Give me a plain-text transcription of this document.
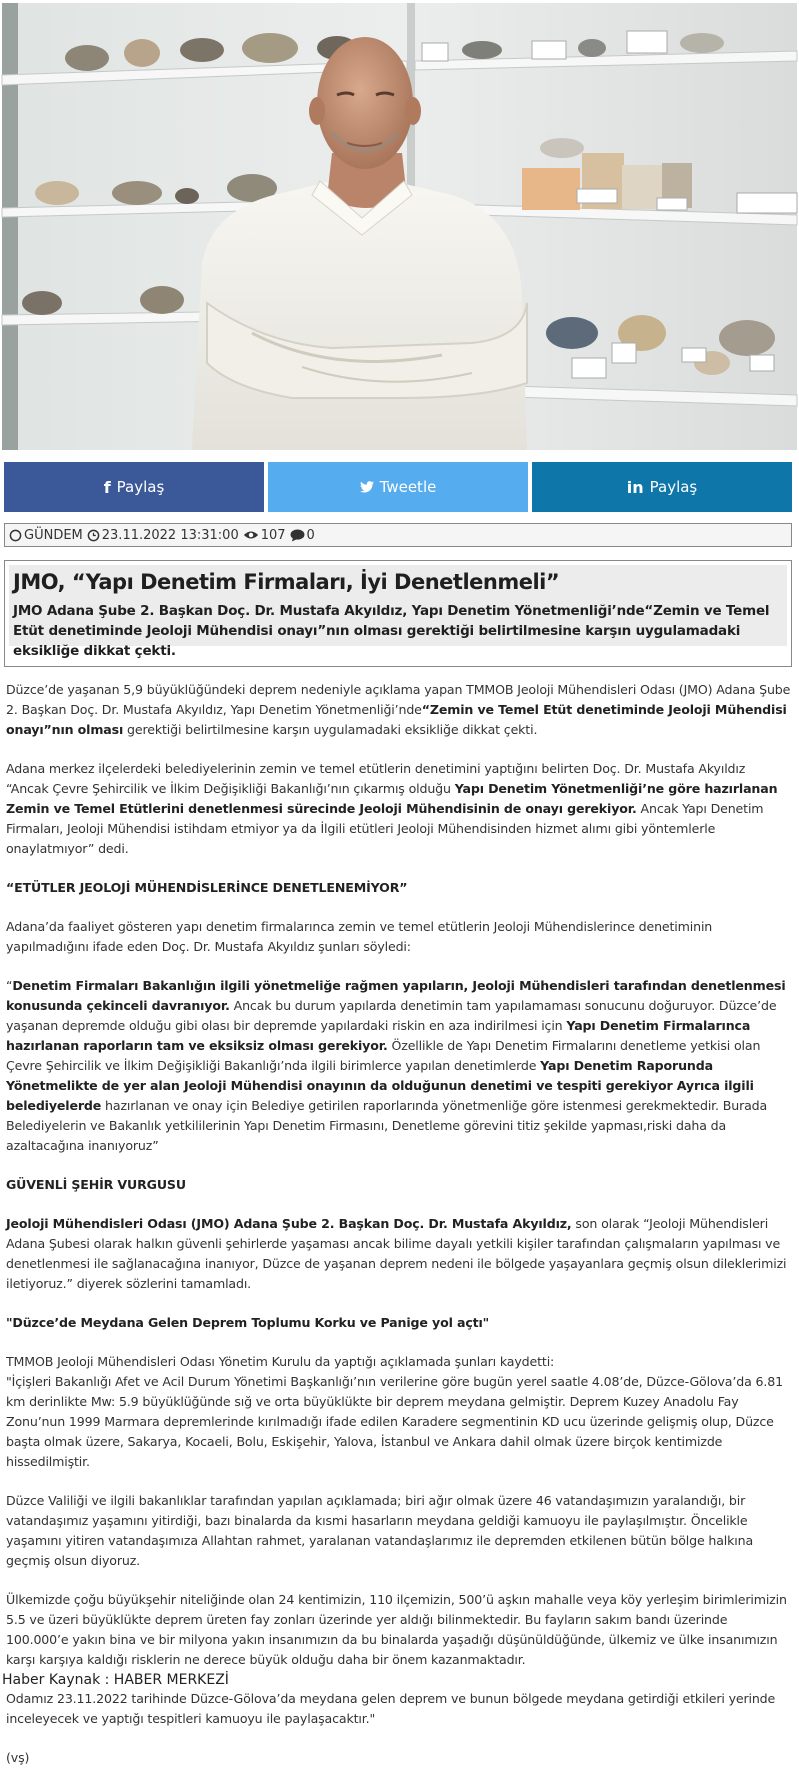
f Paylaş	Tweetle	in Paylaş
GÜNDEM 23.11.2022 13:31:00 107 0
JMO, “Yapı Denetim Firmaları, İyi Denetlenmeli”
JMO Adana Şube 2. Başkan Doç. Dr. Mustafa Akyıldız, Yapı Denetim Yönetmenliği’nde“Zemin ve Temel Etüt denetiminde Jeoloji Mühendisi onayı”nın olması gerektiği belirtilmesine karşın uygulamadaki eksikliğe dikkat çekti.

Düzce’de yaşanan 5,9 büyüklüğündeki deprem nedeniyle açıklama yapan TMMOB Jeoloji Mühendisleri Odası (JMO) Adana Şube 2. Başkan Doç. Dr. Mustafa Akyıldız, Yapı Denetim Yönetmenliği’nde“Zemin ve Temel Etüt denetiminde Jeoloji Mühendisi onayı”nın olması gerektiği belirtilmesine karşın uygulamadaki eksikliğe dikkat çekti.

Adana merkez ilçelerdeki belediyelerinin zemin ve temel etütlerin denetimini yaptığını belirten Doç. Dr. Mustafa Akyıldız “Ancak Çevre Şehircilik ve İlkim Değişikliği Bakanlığı’nın çıkarmış olduğu Yapı Denetim Yönetmenliği’ne göre hazırlanan Zemin ve Temel Etütlerini denetlenmesi sürecinde Jeoloji Mühendisinin de onayı gerekiyor. Ancak Yapı Denetim Firmaları, Jeoloji Mühendisi istihdam etmiyor ya da İlgili etütleri Jeoloji Mühendisinden hizmet alımı gibi yöntemlerle onaylatmıyor” dedi.

“ETÜTLER JEOLOJİ MÜHENDİSLERİNCE DENETLENEMİYOR”

Adana’da faaliyet gösteren yapı denetim firmalarınca zemin ve temel etütlerin Jeoloji Mühendislerince denetiminin yapılmadığını ifade eden Doç. Dr. Mustafa Akyıldız şunları söyledi:

“Denetim Firmaları Bakanlığın ilgili yönetmeliğe rağmen yapıların, Jeoloji Mühendisleri tarafından denetlenmesi konusunda çekinceli davranıyor. Ancak bu durum yapılarda denetimin tam yapılamaması sonucunu doğuruyor. Düzce’de yaşanan depremde olduğu gibi olası bir depremde yapılardaki riskin en aza indirilmesi için Yapı Denetim Firmalarınca hazırlanan raporların tam ve eksiksiz olması gerekiyor. Özellikle de Yapı Denetim Firmalarını denetleme yetkisi olan Çevre Şehircilik ve İlkim Değişikliği Bakanlığı’nda ilgili birimlerce yapılan denetimlerde Yapı Denetim Raporunda Yönetmelikte de yer alan Jeoloji Mühendisi onayının da olduğunun denetimi ve tespiti gerekiyor Ayrıca ilgili belediyelerde hazırlanan ve onay için Belediye getirilen raporlarında yönetmenliğe göre istenmesi gerekmektedir. Burada Belediyelerin ve Bakanlık yetkililerinin Yapı Denetim Firmasını, Denetleme görevini titiz şekilde yapması,riski daha da azaltacağına inanıyoruz”

GÜVENLİ ŞEHİR VURGUSU

Jeoloji Mühendisleri Odası (JMO) Adana Şube 2. Başkan Doç. Dr. Mustafa Akyıldız, son olarak “Jeoloji Mühendisleri Adana Şubesi olarak halkın güvenli şehirlerde yaşaması ancak bilime dayalı yetkili kişiler tarafından çalışmaların yapılması ve denetlenmesi ile sağlanacağına inanıyor, Düzce de yaşanan deprem nedeni ile bölgede yaşayanlara geçmiş olsun dileklerimizi iletiyoruz.” diyerek sözlerini tamamladı.

"Düzce’de Meydana Gelen Deprem Toplumu Korku ve Panige yol açtı"

TMMOB Jeoloji Mühendisleri Odası Yönetim Kurulu da yaptığı açıklamada şunları kaydetti:
"İçişleri Bakanlığı Afet ve Acil Durum Yönetimi Başkanlığı’nın verilerine göre bugün yerel saatle 4.08’de, Düzce-Gölova’da 6.81 km derinlikte Mw: 5.9 büyüklüğünde sığ ve orta büyüklükte bir deprem meydana gelmiştir. Deprem Kuzey Anadolu Fay Zonu’nun 1999 Marmara depremlerinde kırılmadığı ifade edilen Karadere segmentinin KD ucu üzerinde gelişmiş olup, Düzce başta olmak üzere, Sakarya, Kocaeli, Bolu, Eskişehir, Yalova, İstanbul ve Ankara dahil olmak üzere birçok kentimizde hissedilmiştir.

Düzce Valiliği ve ilgili bakanlıklar tarafından yapılan açıklamada; biri ağır olmak üzere 46 vatandaşımızın yaralandığı, bir vatandaşımız yaşamını yitirdiği, bazı binalarda da kısmi hasarların meydana geldiği kamuoyu ile paylaşılmıştır. Öncelikle yaşamını yitiren vatandaşımıza Allahtan rahmet, yaralanan vatandaşlarımız ile depremden etkilenen bütün bölge halkına geçmiş olsun diyoruz.

Ülkemizde çoğu büyükşehir niteliğinde olan 24 kentimizin, 110 ilçemizin, 500’ü aşkın mahalle veya köy yerleşim birimlerimizin 5.5 ve üzeri büyüklükte deprem üreten fay zonları üzerinde yer aldığı bilinmektedir. Bu fayların sakım bandı üzerinde 100.000’e yakın bina ve bir milyona yakın insanımızın da bu binalarda yaşadığı düşünüldüğünde, ülkemiz ve ülke insanımızın karşı karşıya kaldığı risklerin ne derece büyük olduğu daha bir önem kazanmaktadır.

Odamız 23.11.2022 tarihinde Düzce-Gölova’da meydana gelen deprem ve bunun bölgede meydana getirdiği etkileri yerinde inceleyecek ve yaptığı tespitleri kamuoyu ile paylaşacaktır."

(vş)

Haber Kaynak : HABER MERKEZİ
